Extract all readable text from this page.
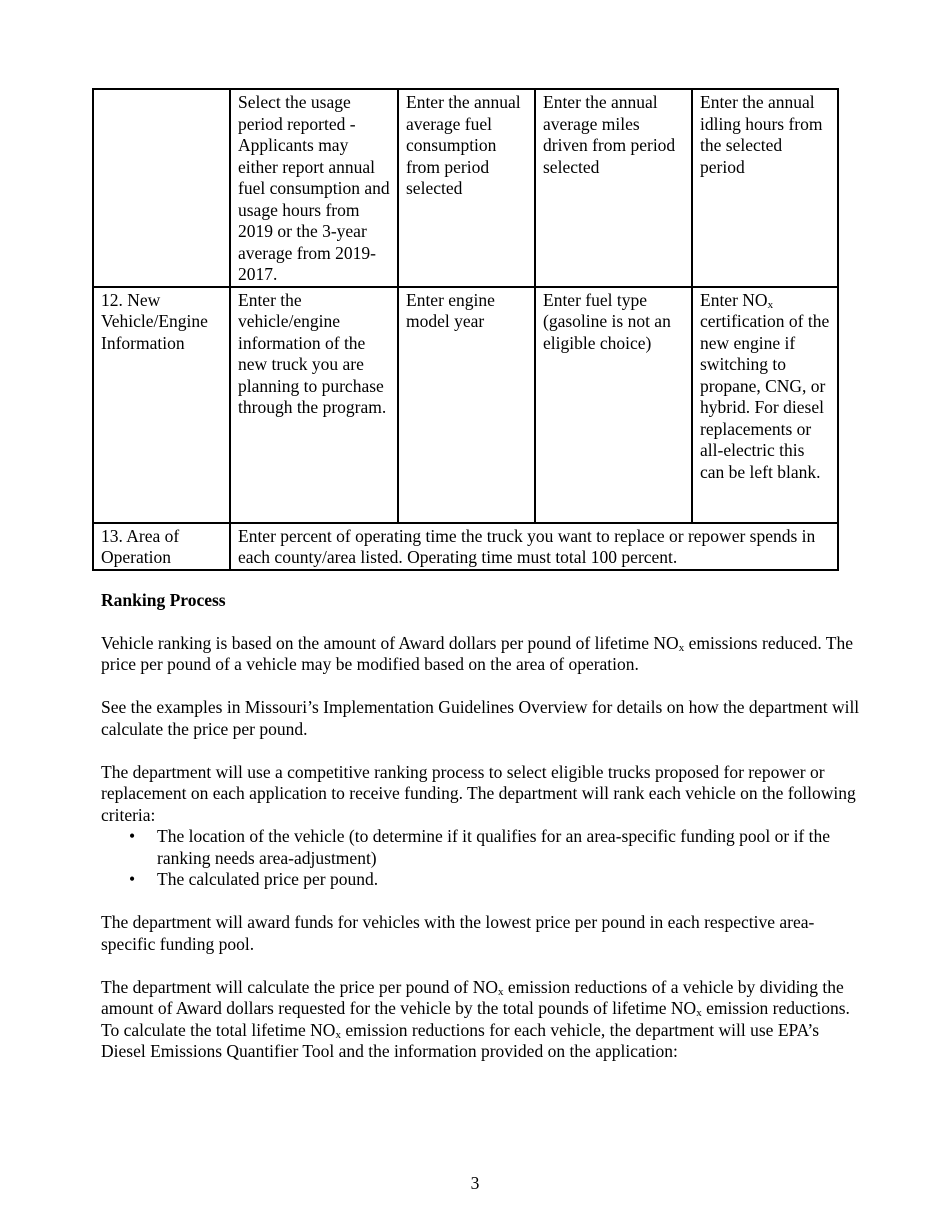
	Select the usage period reported - Applicants may either report annual fuel consumption and usage hours from 2019 or the 3-year average from 2019-2017.	Enter the annual average fuel consumption from period selected	Enter the annual average miles driven from period selected	Enter the annual idling hours from the selected period
12. New Vehicle/Engine Information	Enter the vehicle/engine information of the new truck you are planning to purchase through the program.	Enter engine model year	Enter fuel type (gasoline is not an eligible choice)	Enter $NO_x$ certification of the new engine if switching to propane, CNG, or hybrid. For diesel replacements or all-electric this can be left blank.
13. Area of Operation	Enter percent of operating time the truck you want to replace or repower spends in each county/area listed. Operating time must total 100 percent.			
Ranking Process

Vehicle ranking is based on the amount of Award dollars per pound of lifetime $NO_x$ emissions reduced. The price per pound of a vehicle may be modified based on the area of operation.

See the examples in Missouri’s Implementation Guidelines Overview for details on how the department will calculate the price per pound.

The department will use a competitive ranking process to select eligible trucks proposed for repower or replacement on each application to receive funding. The department will rank each vehicle on the following criteria:

• The location of the vehicle (to determine if it qualifies for an area-specific funding pool or if the ranking needs area-adjustment)
• The calculated price per pound.

The department will award funds for vehicles with the lowest price per pound in each respective area-specific funding pool.

The department will calculate the price per pound of $NO_x$ emission reductions of a vehicle by dividing the amount of Award dollars requested for the vehicle by the total pounds of lifetime $NO_x$ emission reductions. To calculate the total lifetime $NO_x$ emission reductions for each vehicle, the department will use EPA’s Diesel Emissions Quantifier Tool and the information provided on the application:

3
